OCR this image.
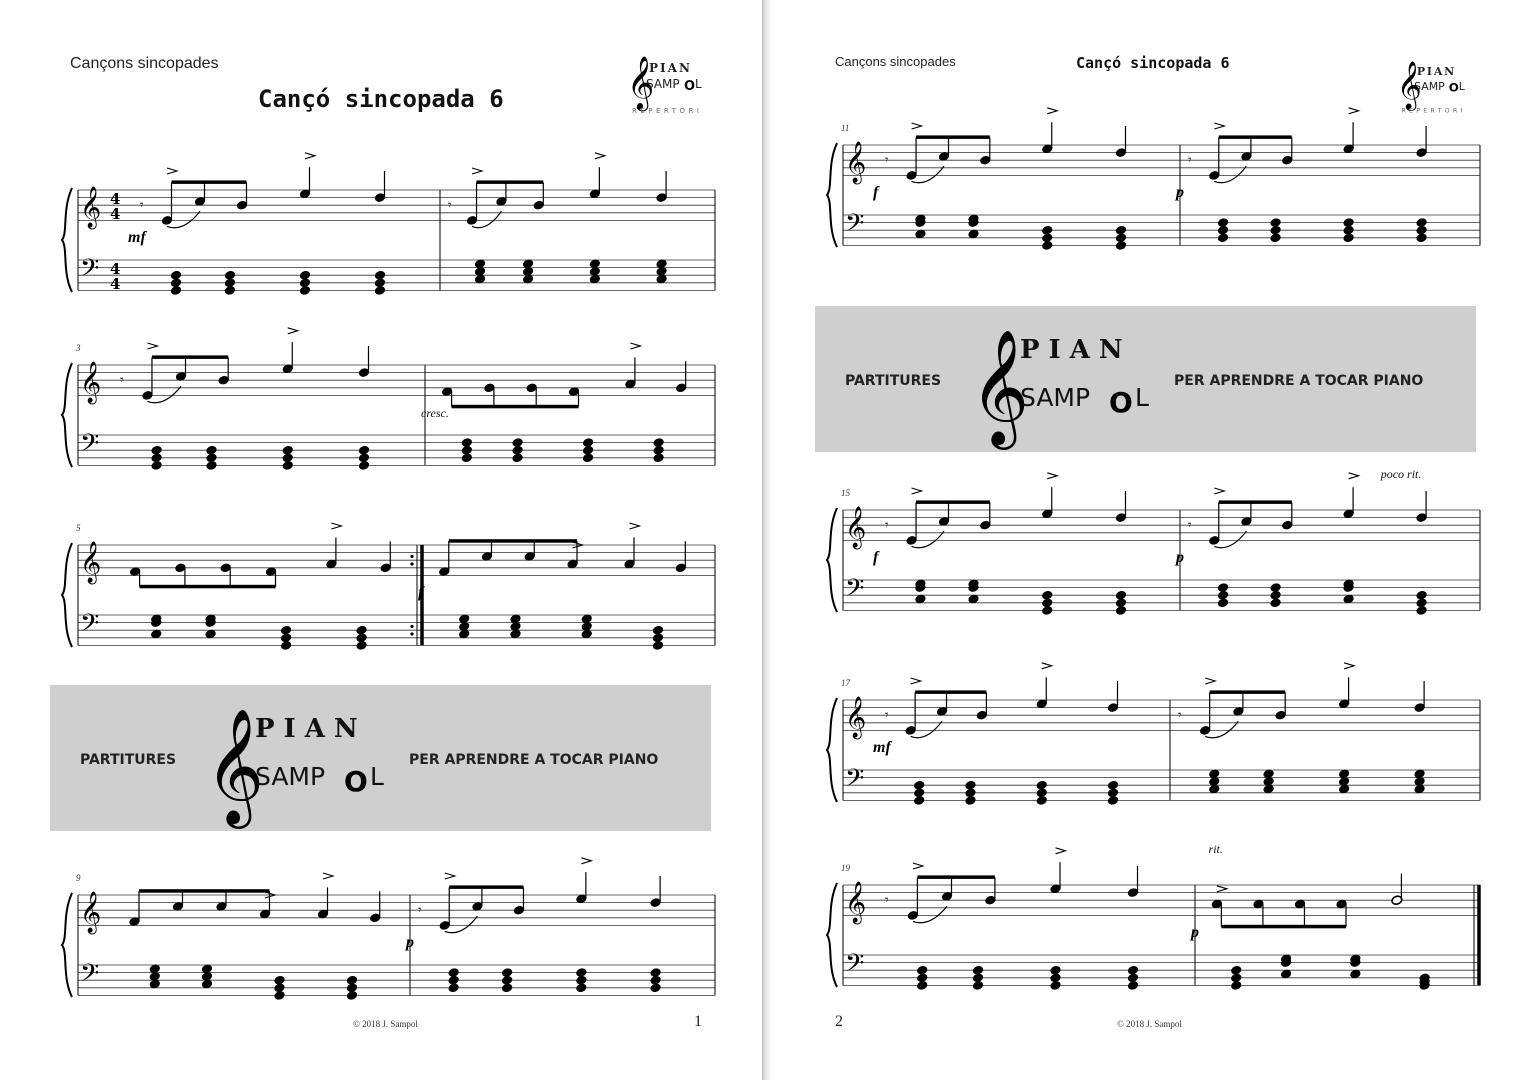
Cançons sincopades
Cançó sincopada 6	𝄞
PIAN
SAMP O L
REPERTORI
𝄞
𝄢
4
4
4
4
𝄾
mf
𝄾
𝄞
𝄢
3
𝄾
cresc.
𝄞
𝄢
5
f
PARTITURES 𝄞
PIAN
SAMP O L
PER APRENDRE A TOCAR PIANO
𝄞
𝄢
9
𝄾
p
© 2018 J. Sampol	1
Cançons sincopades	Cançó sincopada 6	𝄞
PIAN
SAMP O L
REPERTORI
𝄞
𝄢
11
𝄾
f
𝄾
p
PARTITURES 𝄞
PIAN
SAMP O L
PER APRENDRE A TOCAR PIANO
𝄞
𝄢
15
𝄾
f
𝄾
p
poco rit.
𝄞
𝄢
17
𝄾
mf
𝄾
𝄞
𝄢
19
𝄾
p
rit.
2	© 2018 J. Sampol
